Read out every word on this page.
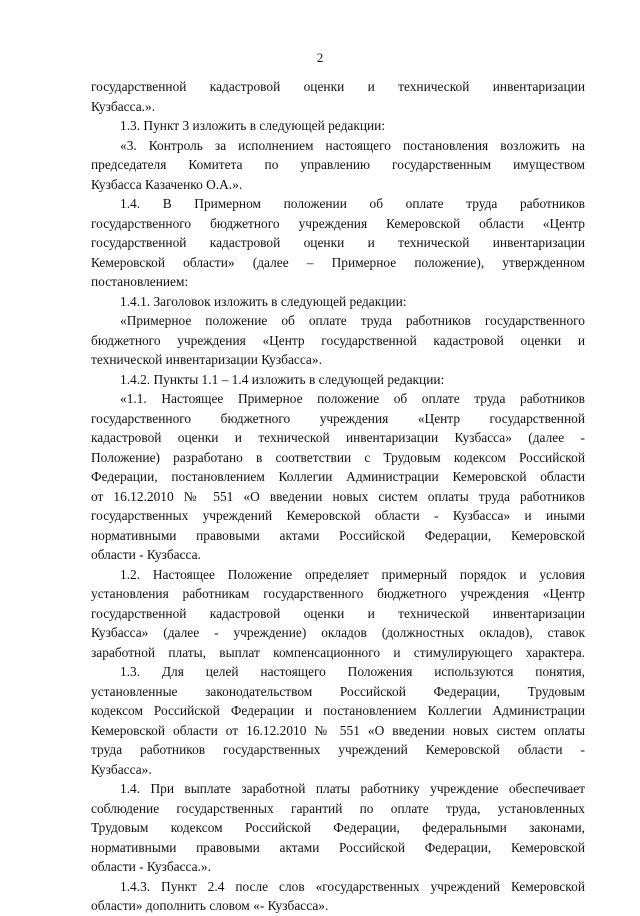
2
государственной кадастровой оценки и технической инвентаризации
Кузбасса.».
1.3. Пункт 3 изложить в следующей редакции:
«3. Контроль за исполнением настоящего постановления возложить на
председателя Комитета по управлению государственным имуществом
Кузбасса Казаченко О.А.».
1.4. В Примерном положении об оплате труда работников
государственного бюджетного учреждения Кемеровской области «Центр
государственной кадастровой оценки и технической инвентаризации
Кемеровской области» (далее – Примерное положение), утвержденном
постановлением:
1.4.1. Заголовок изложить в следующей редакции:
«Примерное положение об оплате труда работников государственного
бюджетного учреждения «Центр государственной кадастровой оценки и
технической инвентаризации Кузбасса».
1.4.2. Пункты 1.1 – 1.4 изложить в следующей редакции:
«1.1. Настоящее Примерное положение об оплате труда работников
государственного бюджетного учреждения «Центр государственной
кадастровой оценки и технической инвентаризации Кузбасса» (далее -
Положение) разработано в соответствии с Трудовым кодексом Российской
Федерации, постановлением Коллегии Администрации Кемеровской области
от 16.12.2010 № 551 «О введении новых систем оплаты труда работников
государственных учреждений Кемеровской области - Кузбасса» и иными
нормативными правовыми актами Российской Федерации, Кемеровской
области - Кузбасса.
1.2. Настоящее Положение определяет примерный порядок и условия
установления работникам государственного бюджетного учреждения «Центр
государственной кадастровой оценки и технической инвентаризации
Кузбасса» (далее - учреждение) окладов (должностных окладов), ставок
заработной платы, выплат компенсационного и стимулирующего характера.
1.3. Для целей настоящего Положения используются понятия,
установленные законодательством Российской Федерации, Трудовым
кодексом Российской Федерации и постановлением Коллегии Администрации
Кемеровской области от 16.12.2010 № 551 «О введении новых систем оплаты
труда работников государственных учреждений Кемеровской области -
Кузбасса».
1.4. При выплате заработной платы работнику учреждение обеспечивает
соблюдение государственных гарантий по оплате труда, установленных
Трудовым кодексом Российской Федерации, федеральными законами,
нормативными правовыми актами Российской Федерации, Кемеровской
области - Кузбасса.».
1.4.3. Пункт 2.4 после слов «государственных учреждений Кемеровской
области» дополнить словом «- Кузбасса».
